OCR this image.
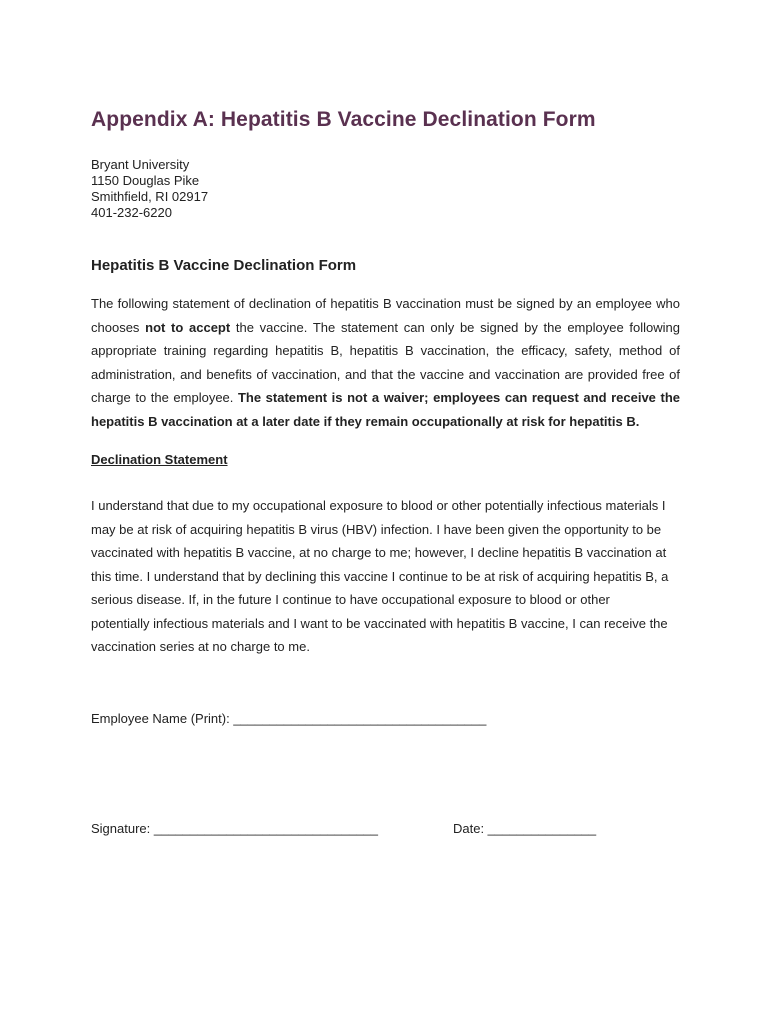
Appendix A: Hepatitis B Vaccine Declination Form
Bryant University
1150 Douglas Pike
Smithfield, RI 02917
401-232-6220
Hepatitis B Vaccine Declination Form
The following statement of declination of hepatitis B vaccination must be signed by an employee who
chooses not to accept the vaccine. The statement can only be signed by the employee following
appropriate training regarding hepatitis B, hepatitis B vaccination, the efficacy, safety, method of
administration, and benefits of vaccination, and that the vaccine and vaccination are provided free of
charge to the employee. The statement is not a waiver; employees can request and receive the
hepatitis B vaccination at a later date if they remain occupationally at risk for hepatitis B.
Declination Statement
I understand that due to my occupational exposure to blood or other potentially infectious materials I
may be at risk of acquiring hepatitis B virus (HBV) infection. I have been given the opportunity to be
vaccinated with hepatitis B vaccine, at no charge to me; however, I decline hepatitis B vaccination at
this time. I understand that by declining this vaccine I continue to be at risk of acquiring hepatitis B, a
serious disease. If, in the future I continue to have occupational exposure to blood or other
potentially infectious materials and I want to be vaccinated with hepatitis B vaccine, I can receive the
vaccination series at no charge to me.
Employee Name (Print): ___________________________________
Signature: _______________________________	Date: _______________
